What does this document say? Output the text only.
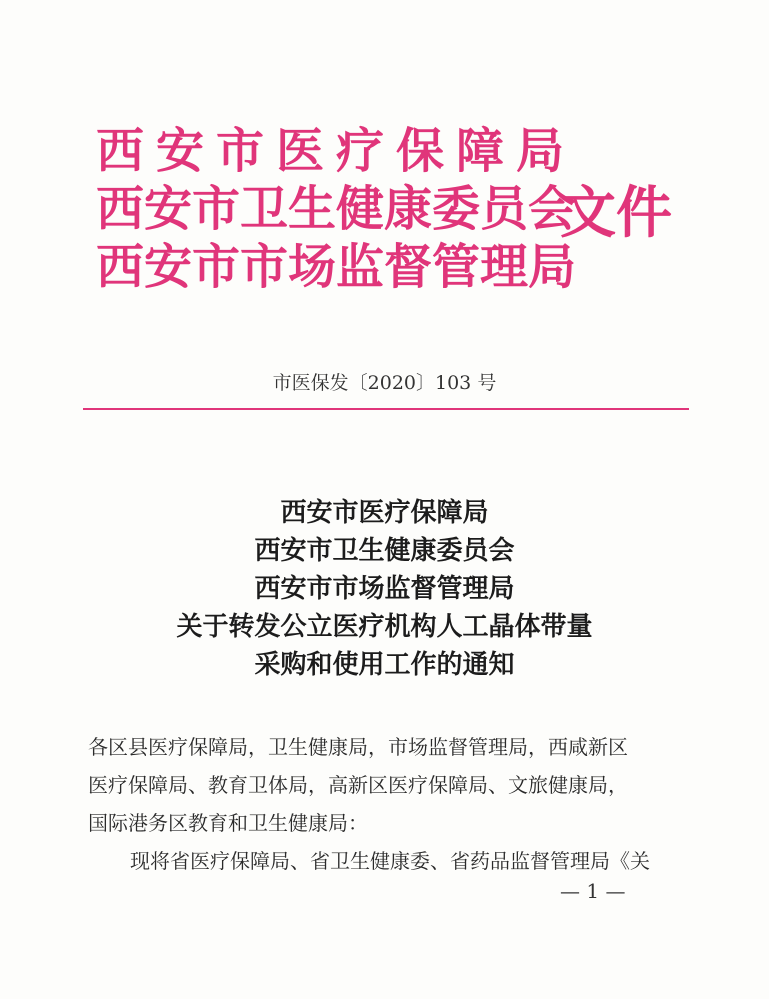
西安市医疗保障局
西安市卫生健康委员会
西安市市场监督管理局
文件
市医保发〔2020〕103 号
西安市医疗保障局
西安市卫生健康委员会
西安市市场监督管理局
关于转发公立医疗机构人工晶体带量
采购和使用工作的通知
各区县医疗保障局，卫生健康局，市场监督管理局，西咸新区
医疗保障局、教育卫体局，高新区医疗保障局、文旅健康局，
国际港务区教育和卫生健康局：
现将省医疗保障局、省卫生健康委、省药品监督管理局《关
— 1 —
